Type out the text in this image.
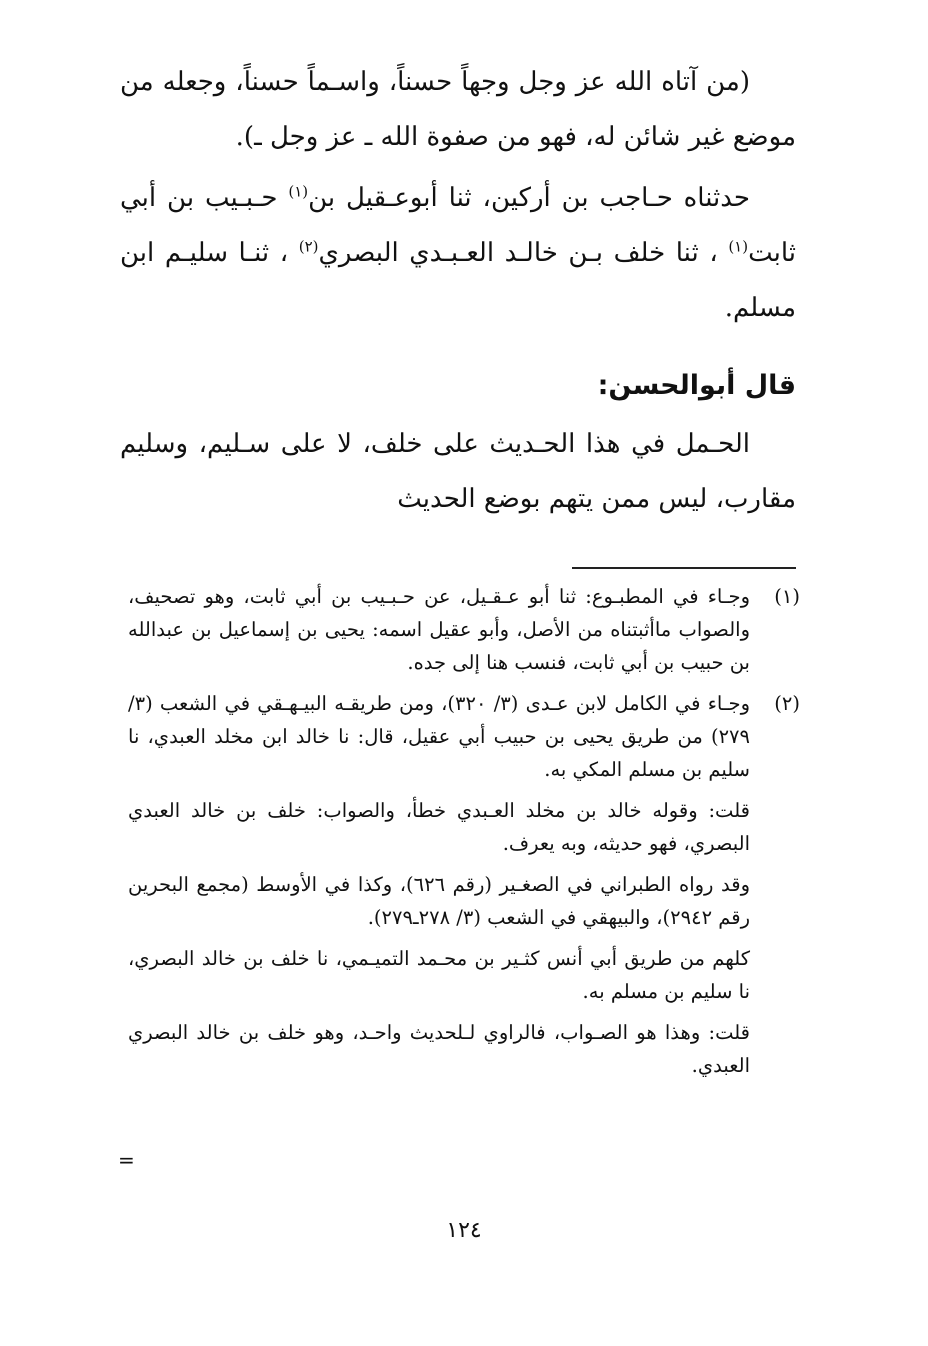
(من آتاه الله عز وجل وجهاً حسناً، واسـماً حسناً، وجعله من موضع غير شائن له، فهو من صفوة الله ـ عز وجل ـ).

حدثناه حـاجب بن أركين، ثنا أبوعـقيل بن$^{(١)}$ حـبـيب بن أبي ثابت$^{(١)}$ ، ثنا خلف بـن خالـد العـبـدي البصري$^{(٢)}$ ، ثنـا سليـم ابن مسلم.

قال أبوالحسن:

الحـمل في هذا الحـديث على خلف، لا على سـليم، وسليم مقارب، ليس ممن يتهم بوضع الحديث

(١)
وجـاء في المطبـوع: ثنا أبو عـقـيل، عن حـبـيب بن أبي ثابت، وهو تصحيف، والصواب ماأثبتناه من الأصل، وأبو عقيل اسمه: يحيى بن إسماعيل بن عبدالله بن حبيب بن أبي ثابت، فنسب هنا إلى جده.
(٢)
وجـاء في الكامل لابن عـدى (٣/ ٣٢٠)، ومن طريقـه البيـهـقي في الشعب (٣/ ٢٧٩) من طريق يحيى بن حبيب أبي عقيل، قال: نا خالد ابن مخلد العبدي، نا سليم بن مسلم المكي به.
قلت: وقوله خالد بن مخلد العـبدي خطأ، والصواب: خلف بن خالد العبدي البصري، فهو حديثه، وبه يعرف.
وقد رواه الطبراني في الصغـير (رقم ٦٢٦)، وكذا في الأوسط (مجمع البحرين رقم ٢٩٤٢)، والبيهقي في الشعب (٣/ ٢٧٨ـ٢٧٩).
كلهم من طريق أبي أنس كثـير بن محـمد التميـمي، نا خلف بن خالد البصري، نا سليم بن مسلم به.
قلت: وهذا هو الصـواب، فالراوي لـلحديث واحـد، وهو خلف بن خالد البصري العبدي.
=
١٢٤
